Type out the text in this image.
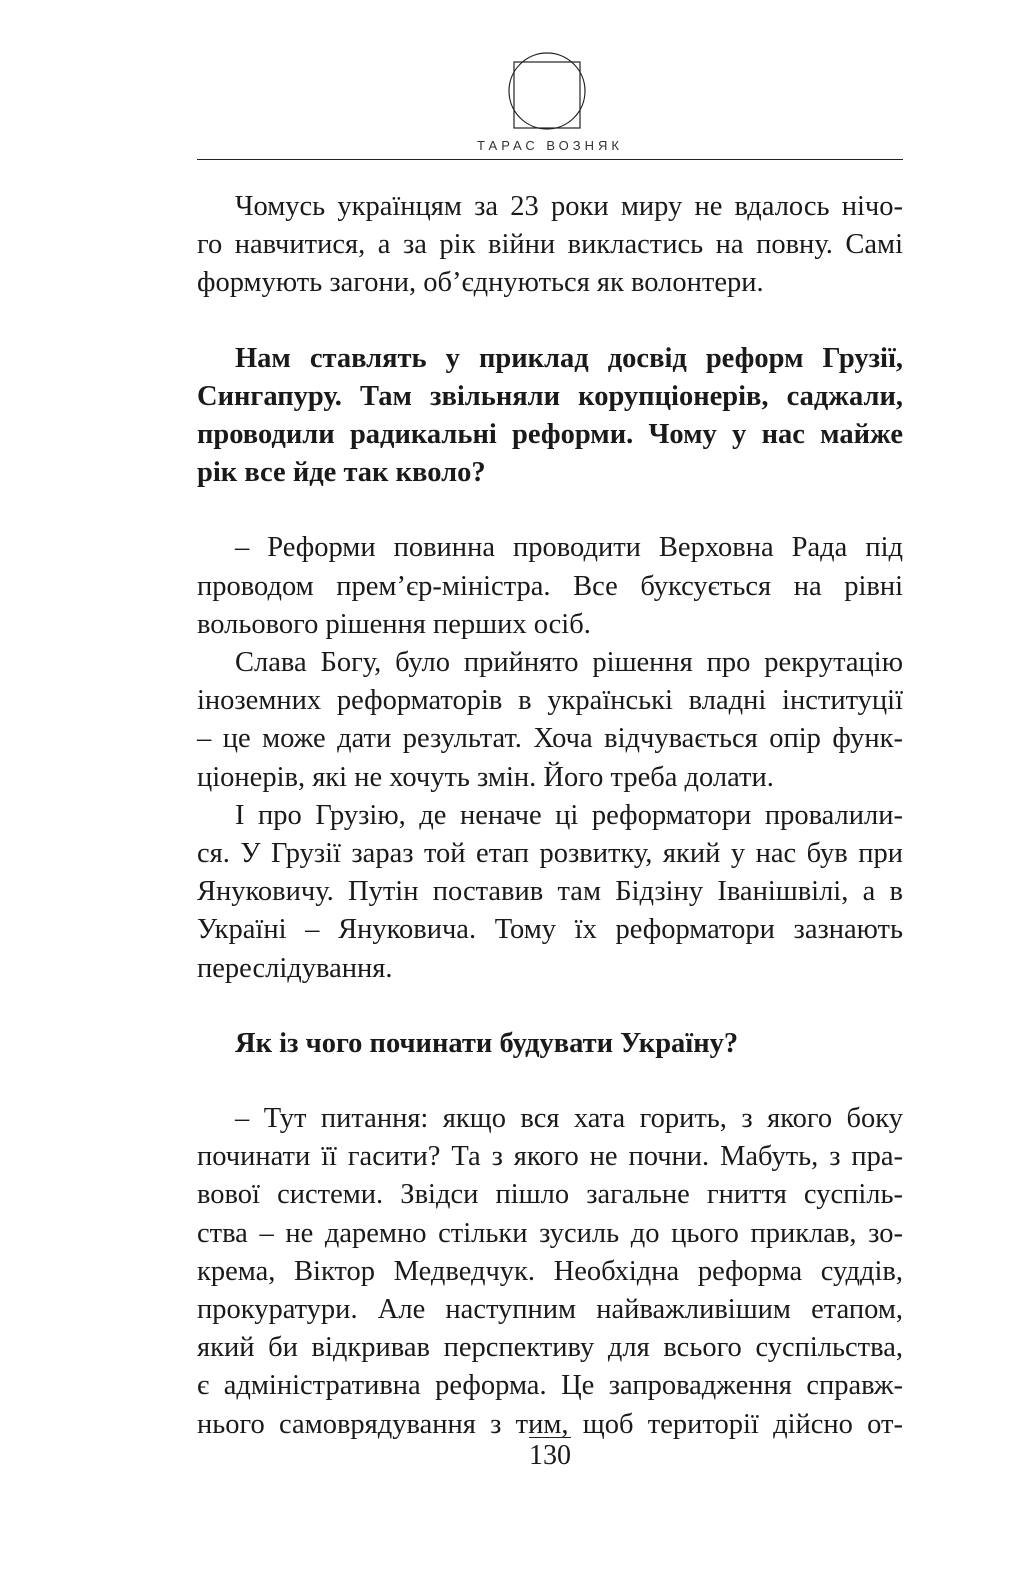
ТАРАС ВОЗНЯК

Чомусь українцям за 23 роки миру не вдалось нічо-
го навчитися, а за рік війни викластись на повну. Самі
формують загони, об’єднуються як волонтери.

Нам ставлять у приклад досвід реформ Грузії,
Сингапуру. Там звільняли корупціонерів, саджали,
проводили радикальні реформи. Чому у нас майже
рік все йде так кволо?

– Реформи повинна проводити Верховна Рада під
проводом прем’єр-міністра. Все буксується на рівні
вольового рішення перших осіб.

Слава Богу, було прийнято рішення про рекрутацію
іноземних реформаторів в українські владні інституції
– це може дати результат. Хоча відчувається опір функ-
ціонерів, які не хочуть змін. Його треба долати.

І про Грузію, де неначе ці реформатори провалили-
ся. У Грузії зараз той етап розвитку, який у нас був при
Януковичу. Путін поставив там Бідзіну Іванішвілі, а в
Україні – Януковича. Тому їх реформатори зазнають
переслідування.

Як із чого починати будувати Україну?

– Тут питання: якщо вся хата горить, з якого боку
починати її гасити? Та з якого не почни. Мабуть, з пра-
вової системи. Звідси пішло загальне гниття суспіль-
ства – не даремно стільки зусиль до цього приклав, зо-
крема, Віктор Медведчук. Необхідна реформа суддів,
прокуратури. Але наступним найважливішим етапом,
який би відкривав перспективу для всього суспільства,
є адміністративна реформа. Це запровадження справж-
нього самоврядування з тим, щоб території дійсно от-

130
